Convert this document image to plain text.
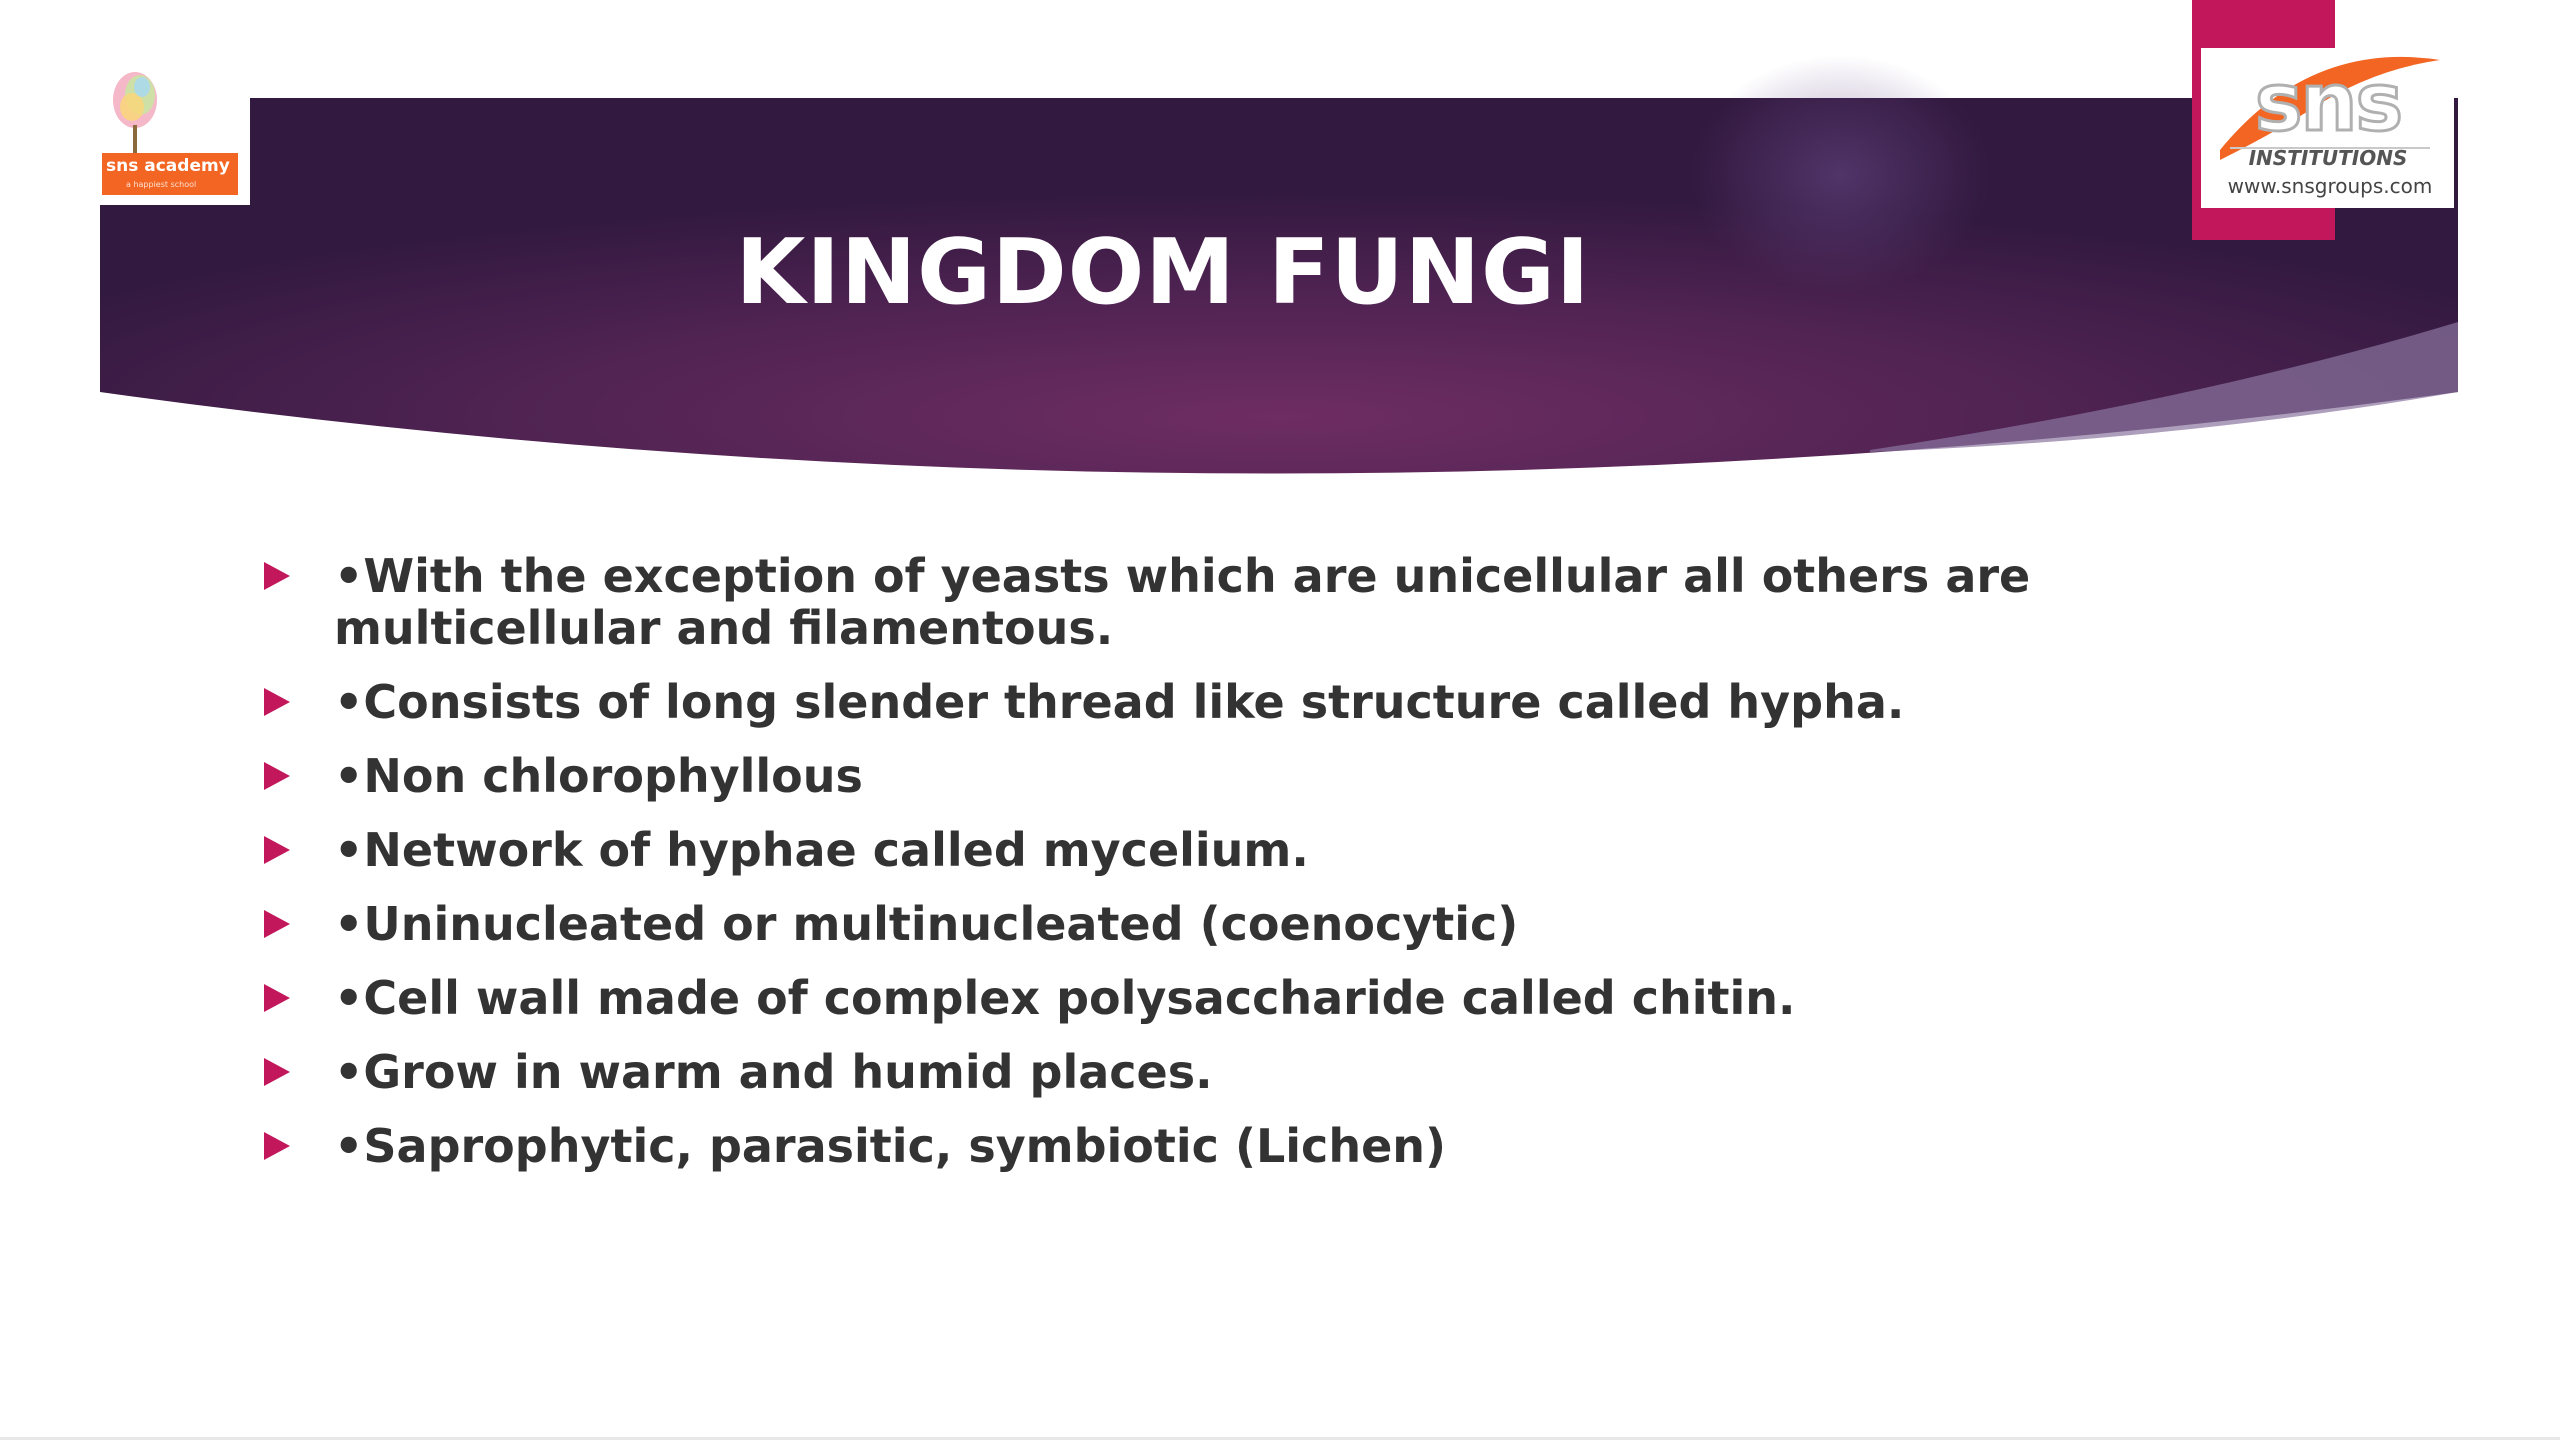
KINGDOM FUNGI
sns
INSTITUTIONS
www.snsgroups.com
sns academy
a happiest school
•With the exception of yeasts which are unicellular all others are multicellular and filamentous.
•Consists of long slender thread like structure called hypha.
•Non chlorophyllous
•Network of hyphae called mycelium.
•Uninucleated or multinucleated (coenocytic)
•Cell wall made of complex polysaccharide called chitin.
•Grow in warm and humid places.
•Saprophytic, parasitic, symbiotic (Lichen)
